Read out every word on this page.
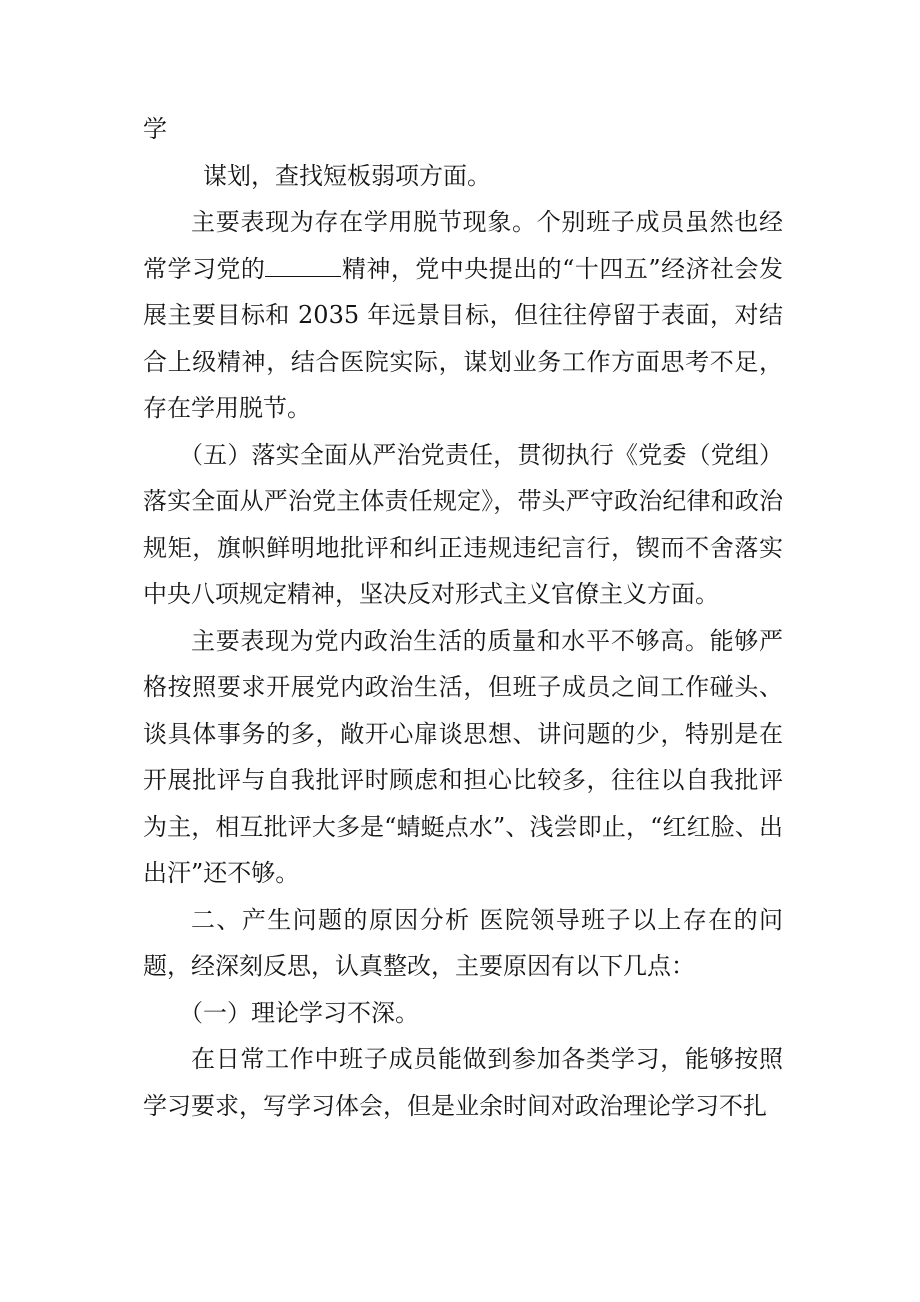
学

谋划，查找短板弱项方面。

主要表现为存在学用脱节现象。个别班子成员虽然也经常学习党的	精神，党中央提出的“十四五”经济社会发展主要目标和 2035 年远景目标，但往往停留于表面，对结合上级精神，结合医院实际，谋划业务工作方面思考不足，存在学用脱节。

（五）落实全面从严治党责任，贯彻执行《党委（党组）落实全面从严治党主体责任规定》，带头严守政治纪律和政治规矩，旗帜鲜明地批评和纠正违规违纪言行，锲而不舍落实中央八项规定精神，坚决反对形式主义官僚主义方面。

主要表现为党内政治生活的质量和水平不够高。能够严格按照要求开展党内政治生活，但班子成员之间工作碰头、谈具体事务的多，敞开心扉谈思想、讲问题的少，特别是在开展批评与自我批评时顾虑和担心比较多，往往以自我批评为主，相互批评大多是“蜻蜓点水”、浅尝即止，“红红脸、出出汗”还不够。

二、产生问题的原因分析 医院领导班子以上存在的问题，经深刻反思，认真整改，主要原因有以下几点：

（一）理论学习不深。

在日常工作中班子成员能做到参加各类学习，能够按照学习要求，写学习体会，但是业余时间对政治理论学习不扎
